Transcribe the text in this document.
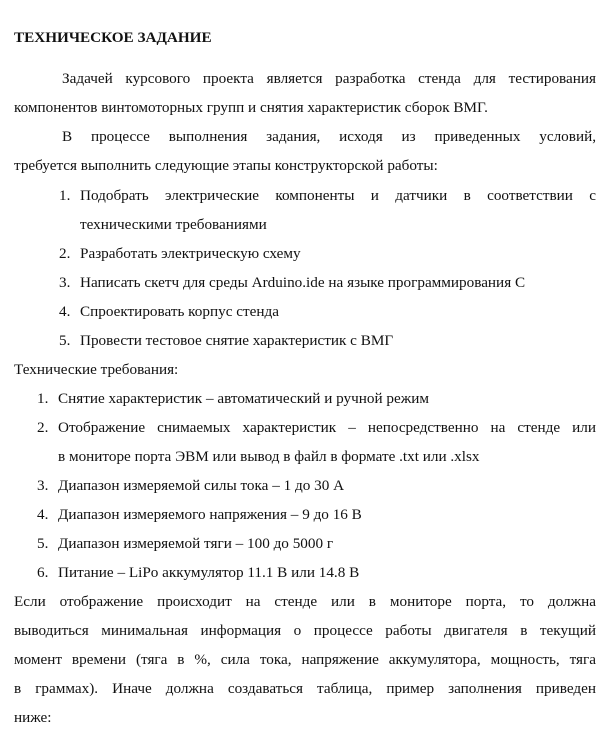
ТЕХНИЧЕСКОЕ ЗАДАНИЕ
Задачей курсового проекта является разработка стенда для тестирования
компонентов винтомоторных групп и снятия характеристик сборок ВМГ.
В процессе выполнения задания, исходя из приведенных условий,
требуется выполнить следующие этапы конструкторской работы:
1. Подобрать электрические компоненты и датчики в соответствии с
техническими требованиями
2. Разработать электрическую схему
3. Написать скетч для среды Arduino.ide на языке программирования С
4. Спроектировать корпус стенда
5. Провести тестовое снятие характеристик с ВМГ
Технические требования:
1. Снятие характеристик – автоматический и ручной режим
2. Отображение снимаемых характеристик – непосредственно на стенде или
в мониторе порта ЭВМ или вывод в файл в формате .txt или .xlsx
3. Диапазон измеряемой силы тока – 1 до 30 А
4. Диапазон измеряемого напряжения – 9 до 16 В
5. Диапазон измеряемой тяги – 100 до 5000 г
6. Питание – LiPo аккумулятор 11.1 В или 14.8 В
Если отображение происходит на стенде или в мониторе порта, то должна
выводиться минимальная информация о процессе работы двигателя в текущий
момент времени (тяга в %, сила тока, напряжение аккумулятора, мощность, тяга
в граммах). Иначе должна создаваться таблица, пример заполнения приведен
ниже:
